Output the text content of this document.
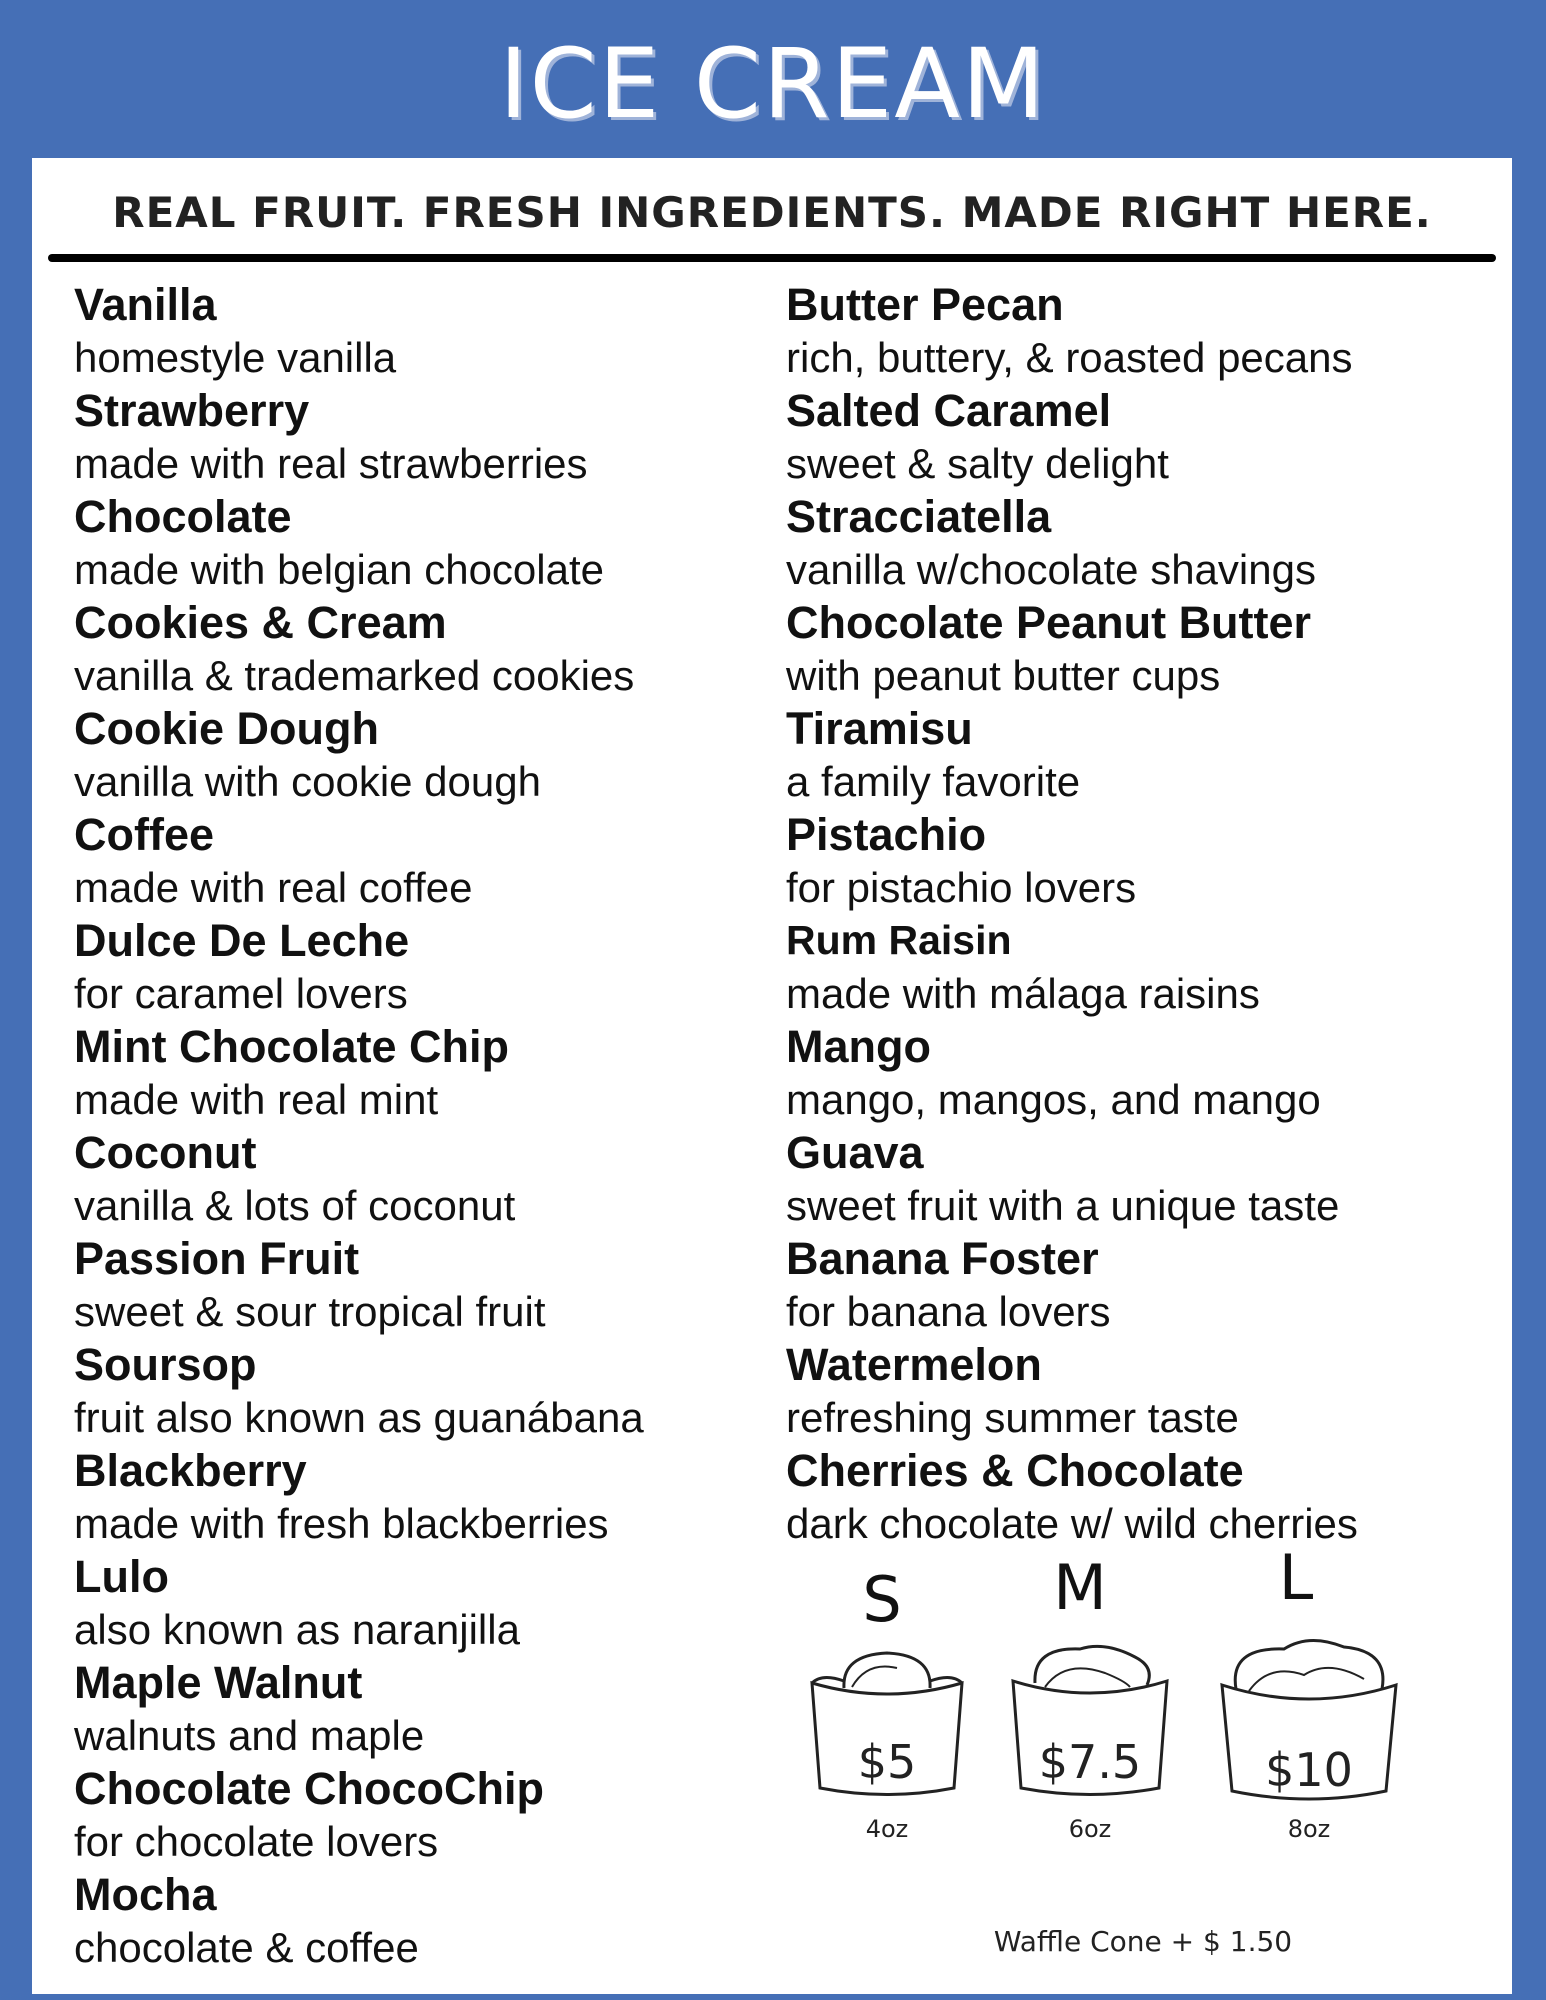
ICE CREAM
REAL FRUIT. FRESH INGREDIENTS. MADE RIGHT HERE.
Vanilla
homestyle vanilla
Strawberry
made with real strawberries
Chocolate
made with belgian chocolate
Cookies & Cream
vanilla & trademarked cookies
Cookie Dough
vanilla with cookie dough
Coffee
made with real coffee
Dulce De Leche
for caramel lovers
Mint Chocolate Chip
made with real mint
Coconut
vanilla & lots of coconut
Passion Fruit
sweet & sour tropical fruit
Soursop
fruit also known as guanábana
Blackberry
made with fresh blackberries
Lulo
also known as naranjilla
Maple Walnut
walnuts and maple
Chocolate ChocoChip
for chocolate lovers
Mocha
chocolate & coffee
Butter Pecan
rich, buttery, & roasted pecans
Salted Caramel
sweet & salty delight
Stracciatella
vanilla w/chocolate shavings
Chocolate Peanut Butter
with peanut butter cups
Tiramisu
a family favorite
Pistachio
for pistachio lovers
Rum Raisin
made with málaga raisins
Mango
mango, mangos, and mango
Guava
sweet fruit with a unique taste
Banana Foster
for banana lovers
Watermelon
refreshing summer taste
Cherries & Chocolate
dark chocolate w/ wild cherries
S
$5
4oz
M
$7.5
6oz
L
$10
8oz
Waffle Cone + $ 1.50
